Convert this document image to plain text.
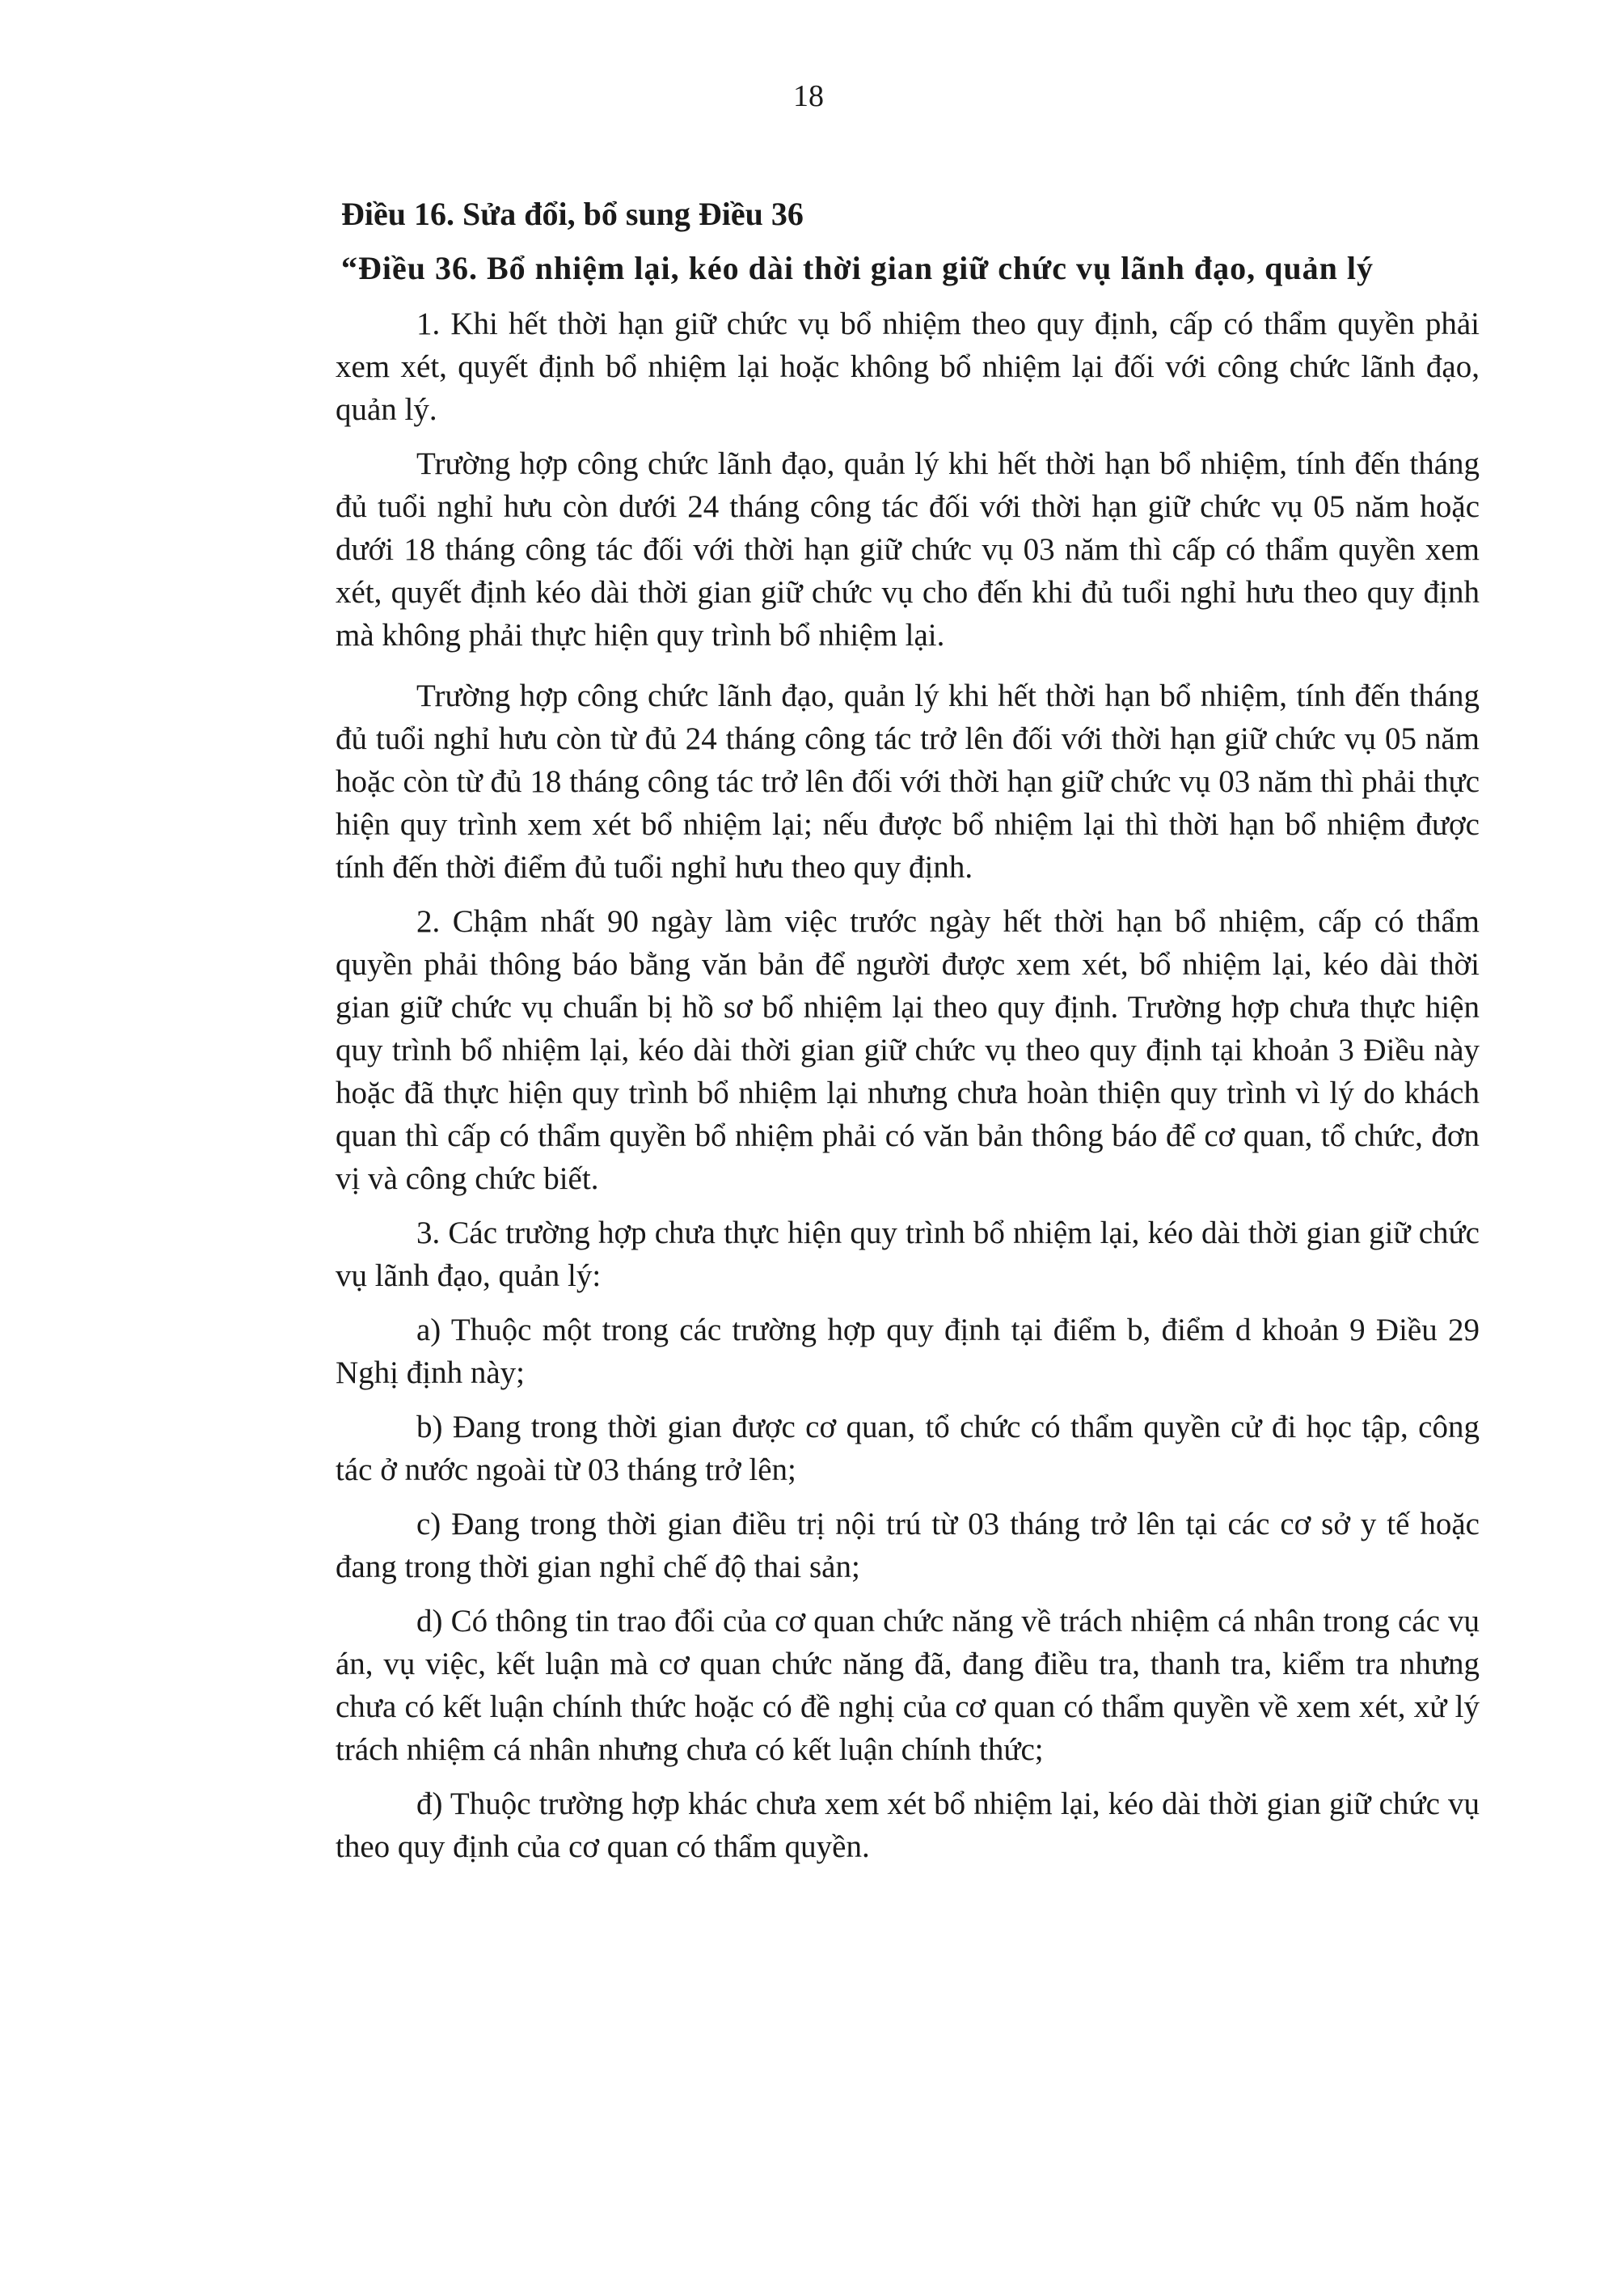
18
Điều 16. Sửa đổi, bổ sung Điều 36
“Điều 36. Bổ nhiệm lại, kéo dài thời gian giữ chức vụ lãnh đạo, quản lý

1. Khi hết thời hạn giữ chức vụ bổ nhiệm theo quy định, cấp có thẩm quyền phải xem xét, quyết định bổ nhiệm lại hoặc không bổ nhiệm lại đối với công chức lãnh đạo, quản lý.

Trường hợp công chức lãnh đạo, quản lý khi hết thời hạn bổ nhiệm, tính đến tháng đủ tuổi nghỉ hưu còn dưới 24 tháng công tác đối với thời hạn giữ chức vụ 05 năm hoặc dưới 18 tháng công tác đối với thời hạn giữ chức vụ 03 năm thì cấp có thẩm quyền xem xét, quyết định kéo dài thời gian giữ chức vụ cho đến khi đủ tuổi nghỉ hưu theo quy định mà không phải thực hiện quy trình bổ nhiệm lại.

Trường hợp công chức lãnh đạo, quản lý khi hết thời hạn bổ nhiệm, tính đến tháng đủ tuổi nghỉ hưu còn từ đủ 24 tháng công tác trở lên đối với thời hạn giữ chức vụ 05 năm hoặc còn từ đủ 18 tháng công tác trở lên đối với thời hạn giữ chức vụ 03 năm thì phải thực hiện quy trình xem xét bổ nhiệm lại; nếu được bổ nhiệm lại thì thời hạn bổ nhiệm được tính đến thời điểm đủ tuổi nghỉ hưu theo quy định.

2. Chậm nhất 90 ngày làm việc trước ngày hết thời hạn bổ nhiệm, cấp có thẩm quyền phải thông báo bằng văn bản để người được xem xét, bổ nhiệm lại, kéo dài thời gian giữ chức vụ chuẩn bị hồ sơ bổ nhiệm lại theo quy định. Trường hợp chưa thực hiện quy trình bổ nhiệm lại, kéo dài thời gian giữ chức vụ theo quy định tại khoản 3 Điều này hoặc đã thực hiện quy trình bổ nhiệm lại nhưng chưa hoàn thiện quy trình vì lý do khách quan thì cấp có thẩm quyền bổ nhiệm phải có văn bản thông báo để cơ quan, tổ chức, đơn vị và công chức biết.

3. Các trường hợp chưa thực hiện quy trình bổ nhiệm lại, kéo dài thời gian giữ chức vụ lãnh đạo, quản lý:

a) Thuộc một trong các trường hợp quy định tại điểm b, điểm d khoản 9 Điều 29 Nghị định này;

b) Đang trong thời gian được cơ quan, tổ chức có thẩm quyền cử đi học tập, công tác ở nước ngoài từ 03 tháng trở lên;

c) Đang trong thời gian điều trị nội trú từ 03 tháng trở lên tại các cơ sở y tế hoặc đang trong thời gian nghỉ chế độ thai sản;

d) Có thông tin trao đổi của cơ quan chức năng về trách nhiệm cá nhân trong các vụ án, vụ việc, kết luận mà cơ quan chức năng đã, đang điều tra, thanh tra, kiểm tra nhưng chưa có kết luận chính thức hoặc có đề nghị của cơ quan có thẩm quyền về xem xét, xử lý trách nhiệm cá nhân nhưng chưa có kết luận chính thức;

đ) Thuộc trường hợp khác chưa xem xét bổ nhiệm lại, kéo dài thời gian giữ chức vụ theo quy định của cơ quan có thẩm quyền.
